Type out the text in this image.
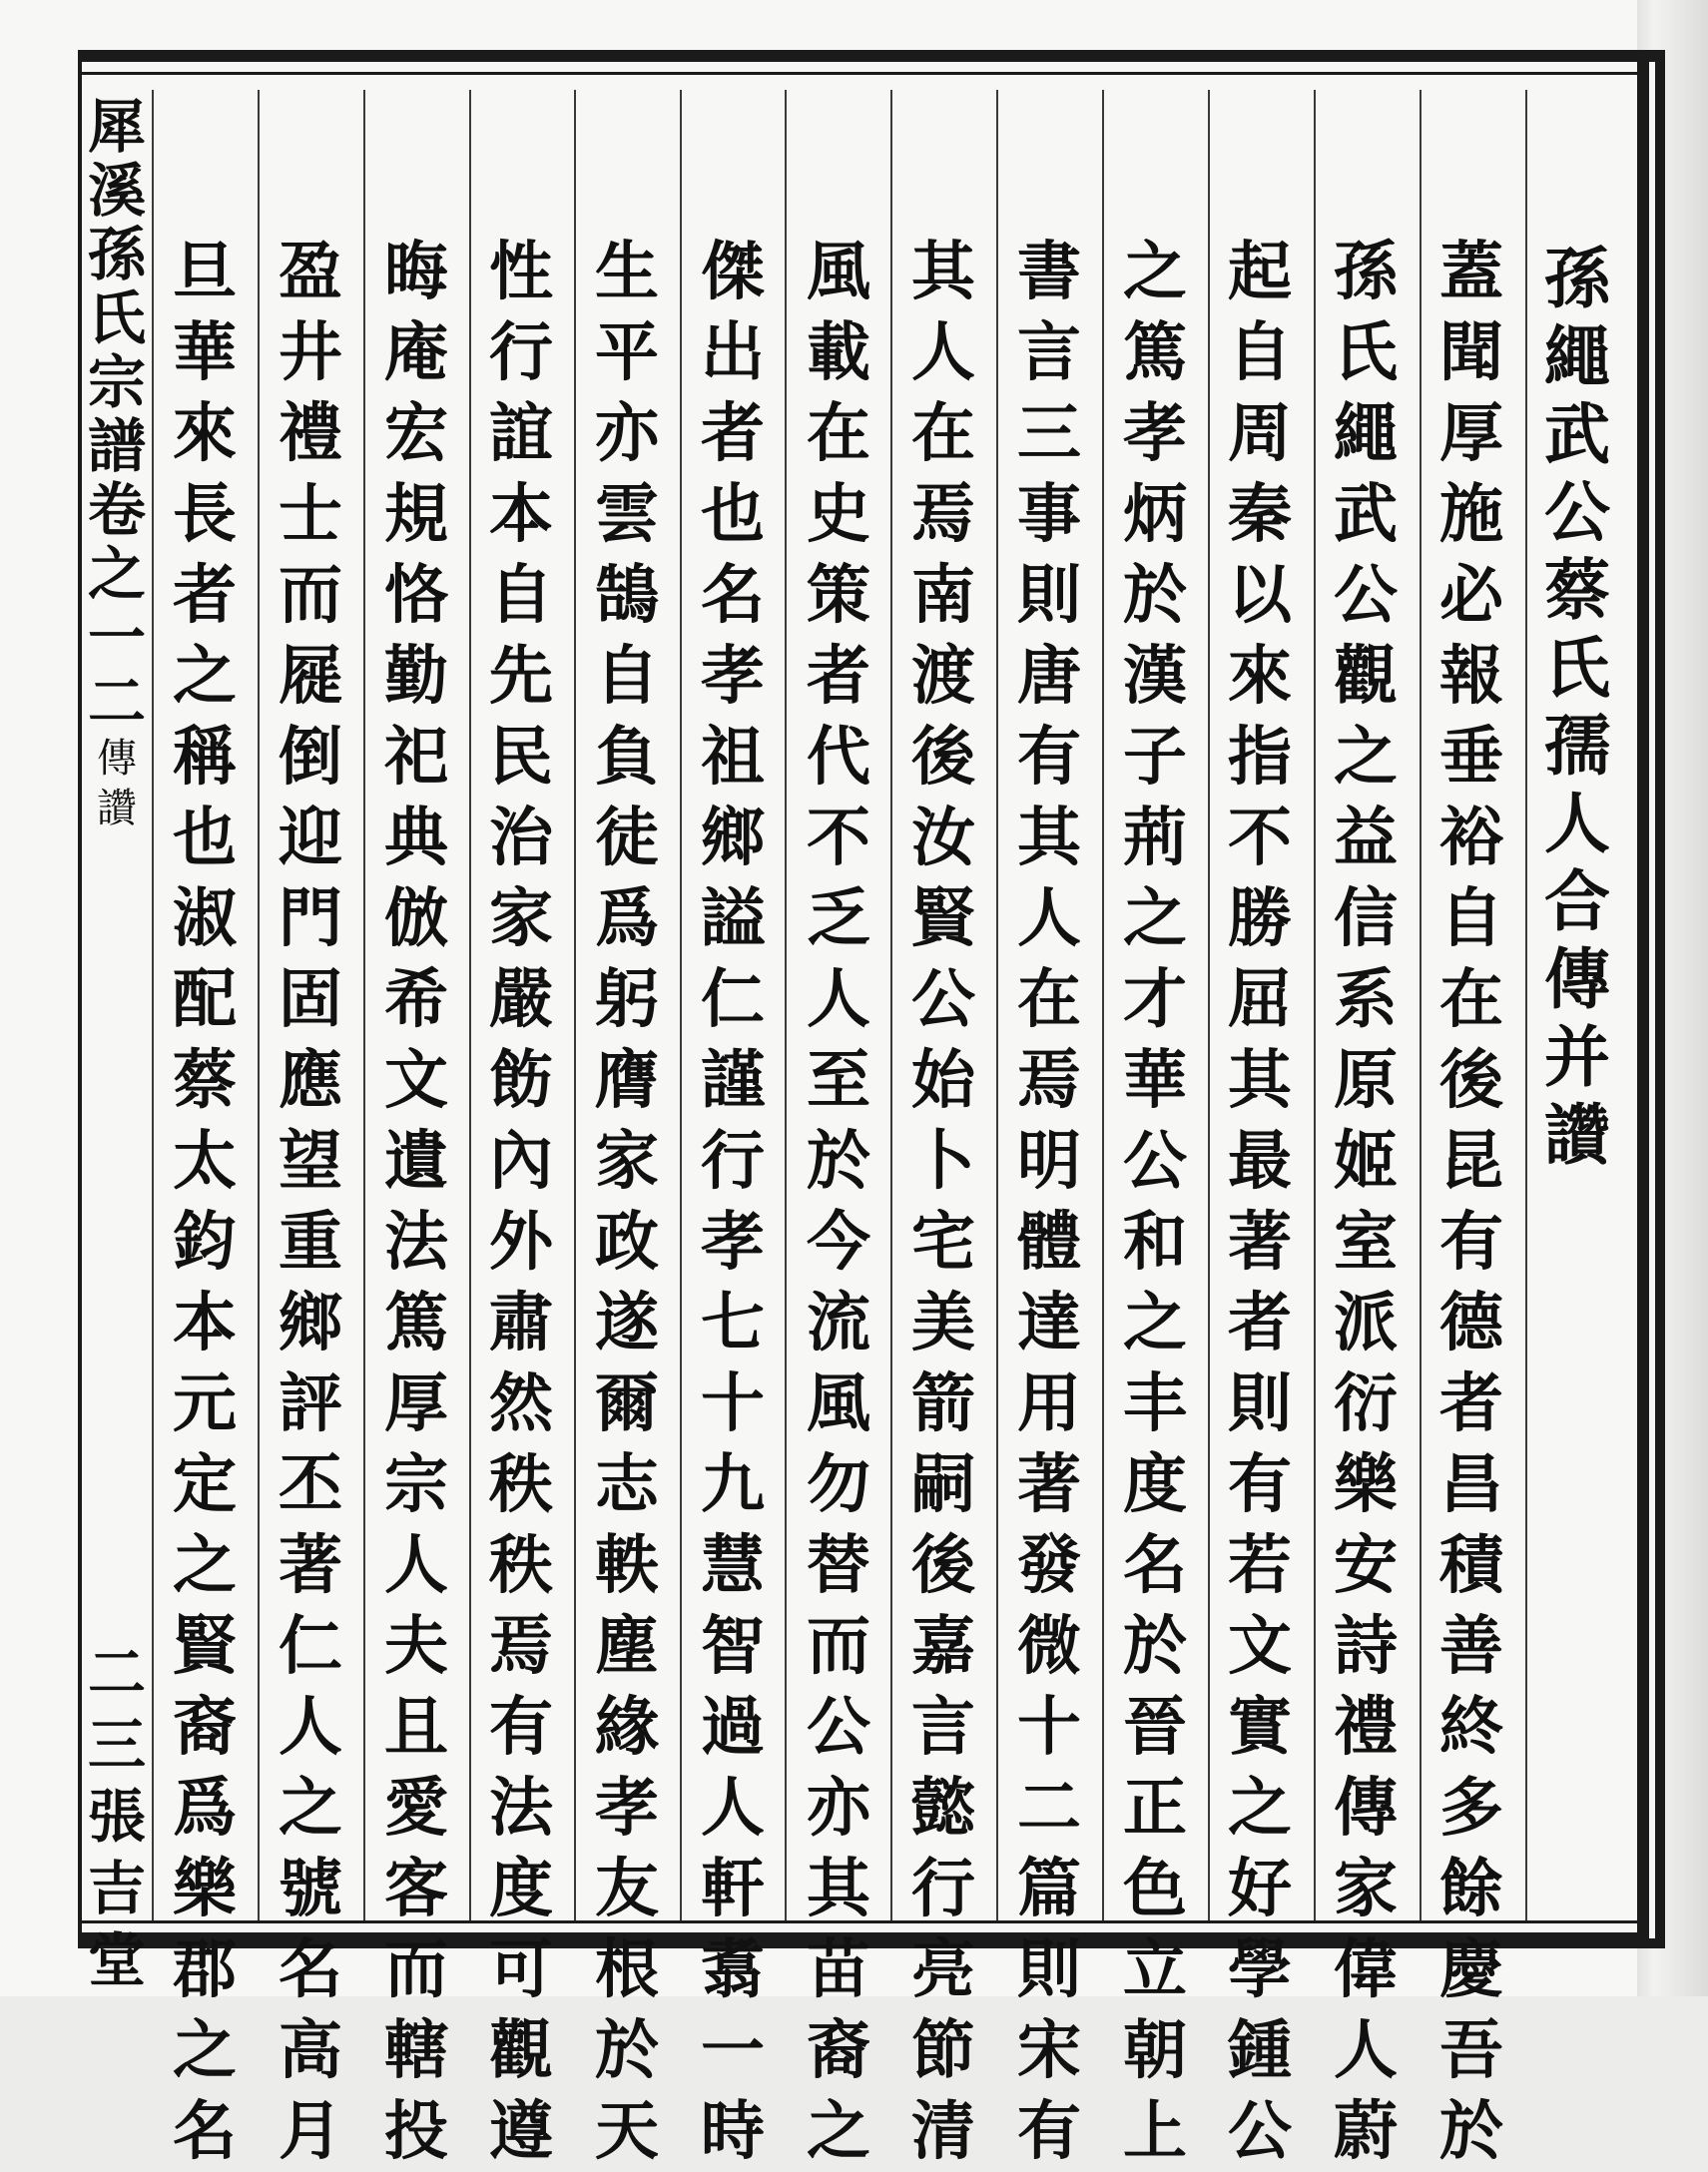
犀
溪
孫
氏
宗
譜
卷
之
一
二
傳
讚
二
三
張
吉
堂
孫
繩
武
公
蔡
氏
孺
人
合
傳
并
讚
蓋
聞
厚
施
必
報
垂
裕
自
在
後
昆
有
德
者
昌
積
善
終
多
餘
慶
吾
於
孫
氏
繩
武
公
觀
之
益
信
系
原
姬
室
派
衍
樂
安
詩
禮
傳
家
偉
人
蔚
起
自
周
秦
以
來
指
不
勝
屈
其
最
著
者
則
有
若
文
實
之
好
學
鍾
公
之
篤
孝
炳
於
漢
子
荊
之
才
華
公
和
之
丰
度
名
於
晉
正
色
立
朝
上
書
言
三
事
則
唐
有
其
人
在
焉
明
體
達
用
著
發
微
十
二
篇
則
宋
有
其
人
在
焉
南
渡
後
汝
賢
公
始
卜
宅
美
箭
嗣
後
嘉
言
懿
行
亮
節
清
風
載
在
史
策
者
代
不
乏
人
至
於
今
流
風
勿
替
而
公
亦
其
苗
裔
之
傑
出
者
也
名
孝
祖
鄉
謚
仁
謹
行
孝
七
十
九
慧
智
過
人
軒
翥
一
時
生
平
亦
雲
鵠
自
負
徒
爲
躬
膺
家
政
遂
爾
志
軼
塵
緣
孝
友
根
於
天
性
行
誼
本
自
先
民
治
家
嚴
飭
內
外
肅
然
秩
秩
焉
有
法
度
可
觀
遵
晦
庵
宏
規
恪
勤
祀
典
倣
希
文
遺
法
篤
厚
宗
人
夫
且
愛
客
而
轄
投
盈
井
禮
士
而
屣
倒
迎
門
固
應
望
重
鄉
評
丕
著
仁
人
之
號
名
高
月
旦
華
來
長
者
之
稱
也
淑
配
蔡
太
鈞
本
元
定
之
賢
裔
爲
樂
郡
之
名
